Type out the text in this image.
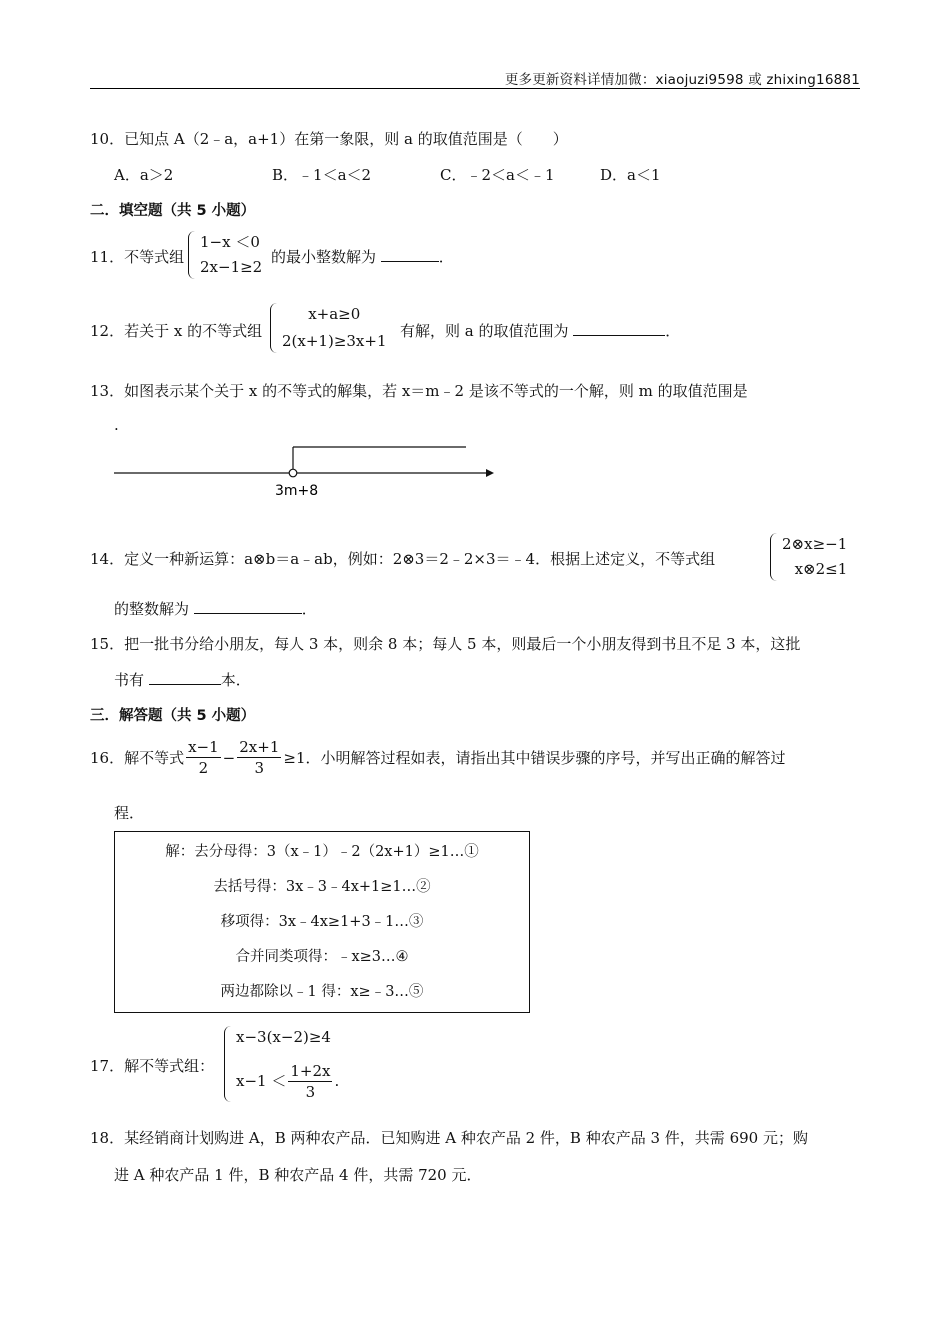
更多更新资料详情加微：xiaojuzi9598 或 zhixing16881
10．已知点 A（2﹣a，a+1）在第一象限，则 a 的取值范围是（　　）
A．a＞2	B．﹣1＜a＜2	C．﹣2＜a＜﹣1	D．a＜1
二．填空题（共 5 小题）
11．不等式组
1−x ＜0
2x−1≥2
的最小整数解为	．
12．若关于 x 的不等式组
x+a≥0
2(x+1)≥3x+1
有解，则 a 的取值范围为	．
13．如图表示某个关于 x 的不等式的解集，若 x＝m﹣2 是该不等式的一个解，则 m 的取值范围是
.
3m+8
14．定义一种新运算：a⊗b＝a﹣ab，例如：2⊗3＝2﹣2×3＝﹣4．根据上述定义，不等式组
2⊗x≥−1
x⊗2≤1
的整数解为	．
15．把一批书分给小朋友，每人 3 本，则余 8 本；每人 5 本，则最后一个小朋友得到书且不足 3 本，这批
书有	本．
三．解答题（共 5 小题）
16．解不等式 $\frac{x-1}{2} - \frac{2x+1}{3} \ge 1$ ．小明解答过程如表，请指出其中错误步骤的序号，并写出正确的解答过
程．
解：去分母得：3（x﹣1）﹣2（2x+1）≥1…①
去括号得：3x﹣3﹣4x+1≥1…②
移项得：3x﹣4x≥1+3﹣1…③
合并同类项得：﹣x≥3…④
两边都除以﹣1 得：x≥﹣3…⑤
17．解不等式组：
x−3(x−2)≥4
$x-1 < \frac{1+2x}{3}$ .
18．某经销商计划购进 A，B 两种农产品．已知购进 A 种农产品 2 件，B 种农产品 3 件，共需 690 元；购
进 A 种农产品 1 件，B 种农产品 4 件，共需 720 元．
